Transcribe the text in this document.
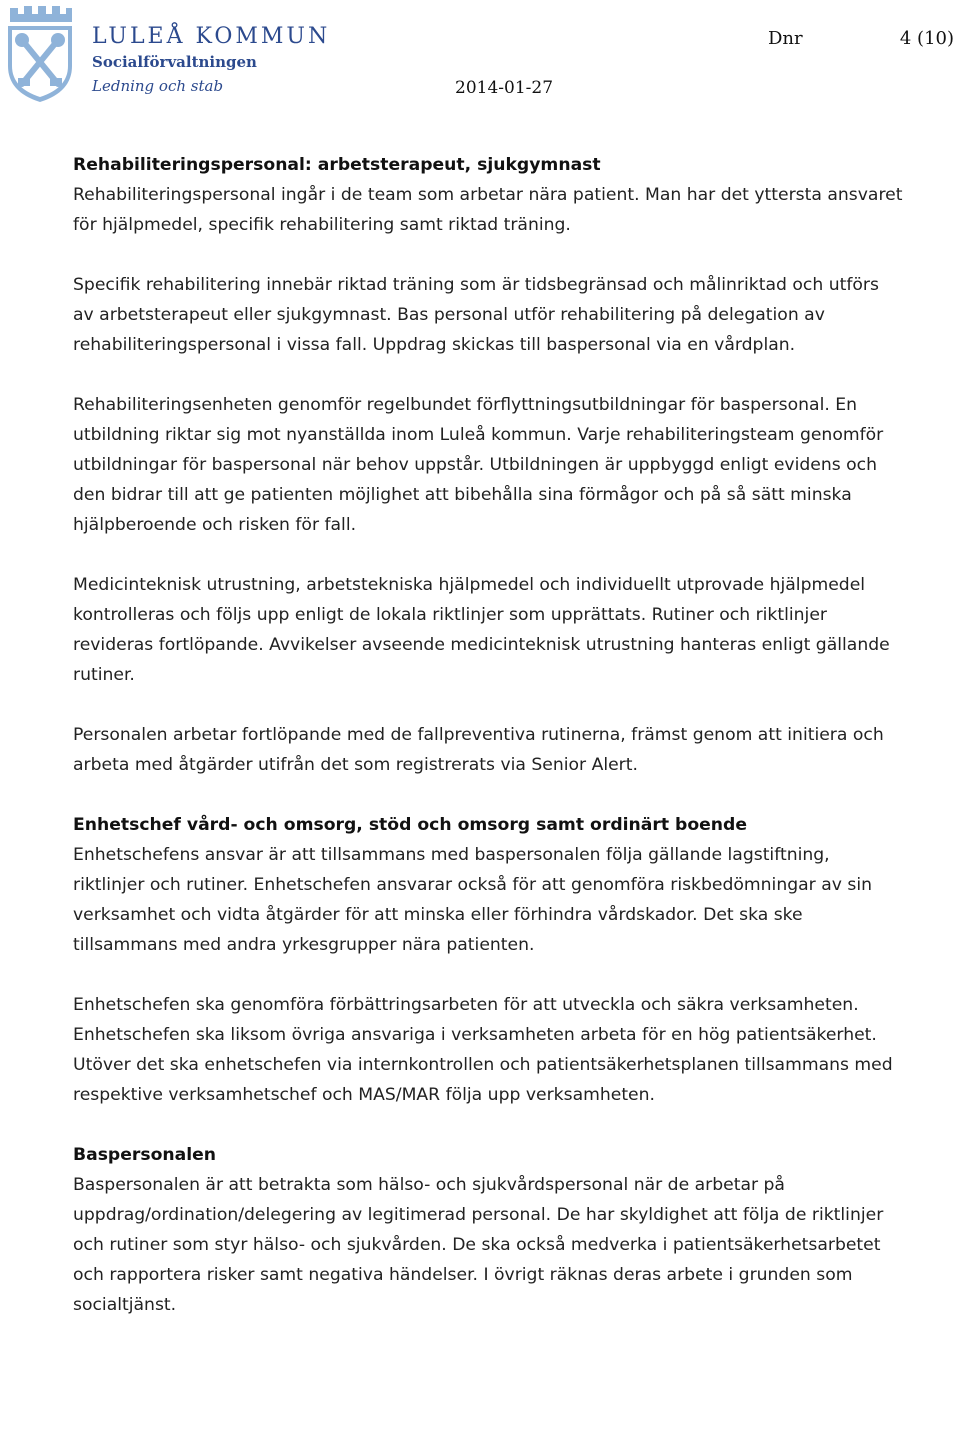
LULEÅ KOMMUN
Socialförvaltningen
Ledning och stab
Dnr	4 (10)
2014-01-27
Rehabiliteringspersonal: arbetsterapeut, sjukgymnast

Rehabiliteringspersonal ingår i de team som arbetar nära patient. Man har det yttersta ansvaret för hjälpmedel, specifik rehabilitering samt riktad träning.

Specifik rehabilitering innebär riktad träning som är tidsbegränsad och målinriktad och utförs av arbetsterapeut eller sjukgymnast. Bas personal utför rehabilitering på delegation av rehabiliteringspersonal i vissa fall. Uppdrag skickas till baspersonal via en vårdplan.

Rehabiliteringsenheten genomför regelbundet förflyttningsutbildningar för baspersonal. En utbildning riktar sig mot nyanställda inom Luleå kommun. Varje rehabiliteringsteam genomför utbildningar för baspersonal när behov uppstår. Utbildningen är uppbyggd enligt evidens och den bidrar till att ge patienten möjlighet att bibehålla sina förmågor och på så sätt minska hjälpberoende och risken för fall.

Medicinteknisk utrustning, arbetstekniska hjälpmedel och individuellt utprovade hjälpmedel kontrolleras och följs upp enligt de lokala riktlinjer som upprättats. Rutiner och riktlinjer revideras fortlöpande. Avvikelser avseende medicinteknisk utrustning hanteras enligt gällande rutiner.

Personalen arbetar fortlöpande med de fallpreventiva rutinerna, främst genom att initiera och arbeta med åtgärder utifrån det som registrerats via Senior Alert.

Enhetschef vård- och omsorg, stöd och omsorg samt ordinärt boende

Enhetschefens ansvar är att tillsammans med baspersonalen följa gällande lagstiftning, riktlinjer och rutiner. Enhetschefen ansvarar också för att genomföra riskbedömningar av sin verksamhet och vidta åtgärder för att minska eller förhindra vårdskador. Det ska ske tillsammans med andra yrkesgrupper nära patienten.

Enhetschefen ska genomföra förbättringsarbeten för att utveckla och säkra verksamheten. Enhetschefen ska liksom övriga ansvariga i verksamheten arbeta för en hög patientsäkerhet. Utöver det ska enhetschefen via internkontrollen och patientsäkerhetsplanen tillsammans med respektive verksamhetschef och MAS/MAR följa upp verksamheten.

Baspersonalen

Baspersonalen är att betrakta som hälso- och sjukvårdspersonal när de arbetar på uppdrag/ordination/delegering av legitimerad personal. De har skyldighet att följa de riktlinjer och rutiner som styr hälso- och sjukvården. De ska också medverka i patientsäkerhetsarbetet och rapportera risker samt negativa händelser. I övrigt räknas deras arbete i grunden som socialtjänst.
